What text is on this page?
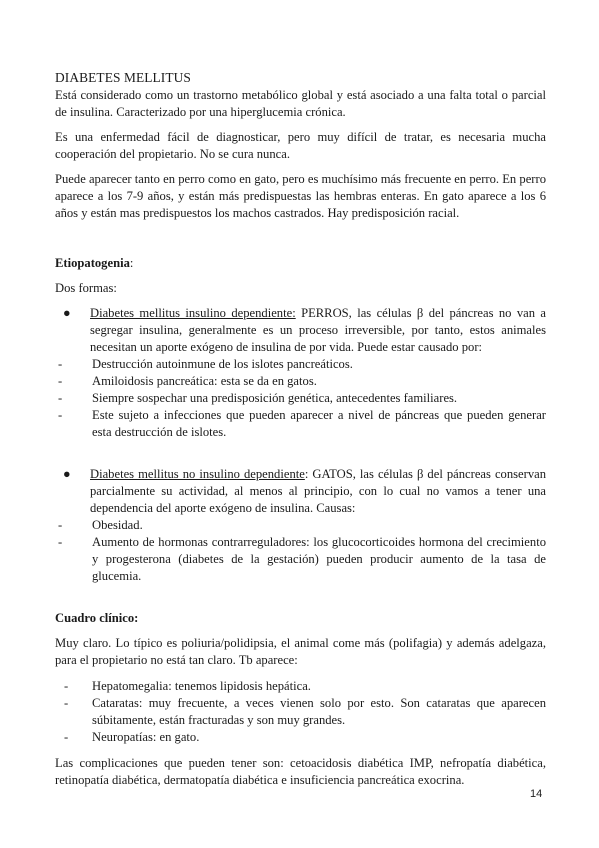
DIABETES MELLITUS

Está considerado como un trastorno metabólico global y está asociado a una falta total o parcial de insulina. Caracterizado por una hiperglucemia crónica.

Es una enfermedad fácil de diagnosticar, pero muy difícil de tratar, es necesaria mucha cooperación del propietario. No se cura nunca.

Puede aparecer tanto en perro como en gato, pero es muchísimo más frecuente en perro. En perro aparece a los 7-9 años, y están más predispuestas las hembras enteras. En gato aparece a los 6 años y están mas predispuestos los machos castrados. Hay predisposición racial.

Etiopatogenia:

Dos formas:

● Diabetes mellitus insulino dependiente: PERROS, las células β del páncreas no van a segregar insulina, generalmente es un proceso irreversible, por tanto, estos animales necesitan un aporte exógeno de insulina de por vida. Puede estar causado por:
- Destrucción autoinmune de los islotes pancreáticos.
- Amiloidosis pancreática: esta se da en gatos.
- Siempre sospechar una predisposición genética, antecedentes familiares.
- Este sujeto a infecciones que pueden aparecer a nivel de páncreas que pueden generar esta destrucción de islotes.
● Diabetes mellitus no insulino dependiente: GATOS, las células β del páncreas conservan parcialmente su actividad, al menos al principio, con lo cual no vamos a tener una dependencia del aporte exógeno de insulina. Causas:
- Obesidad.
- Aumento de hormonas contrarreguladores: los glucocorticoides hormona del crecimiento y progesterona (diabetes de la gestación) pueden producir aumento de la tasa de glucemia.

Cuadro clínico:

Muy claro. Lo típico es poliuria/polidipsia, el animal come más (polifagia) y además adelgaza, para el propietario no está tan claro. Tb aparece:

- Hepatomegalia: tenemos lipidosis hepática.
- Cataratas: muy frecuente, a veces vienen solo por esto. Son cataratas que aparecen súbitamente, están fracturadas y son muy grandes.
- Neuropatías: en gato.

Las complicaciones que pueden tener son: cetoacidosis diabética IMP, nefropatía diabética, retinopatía diabética, dermatopatía diabética e insuficiencia pancreática exocrina.

14
